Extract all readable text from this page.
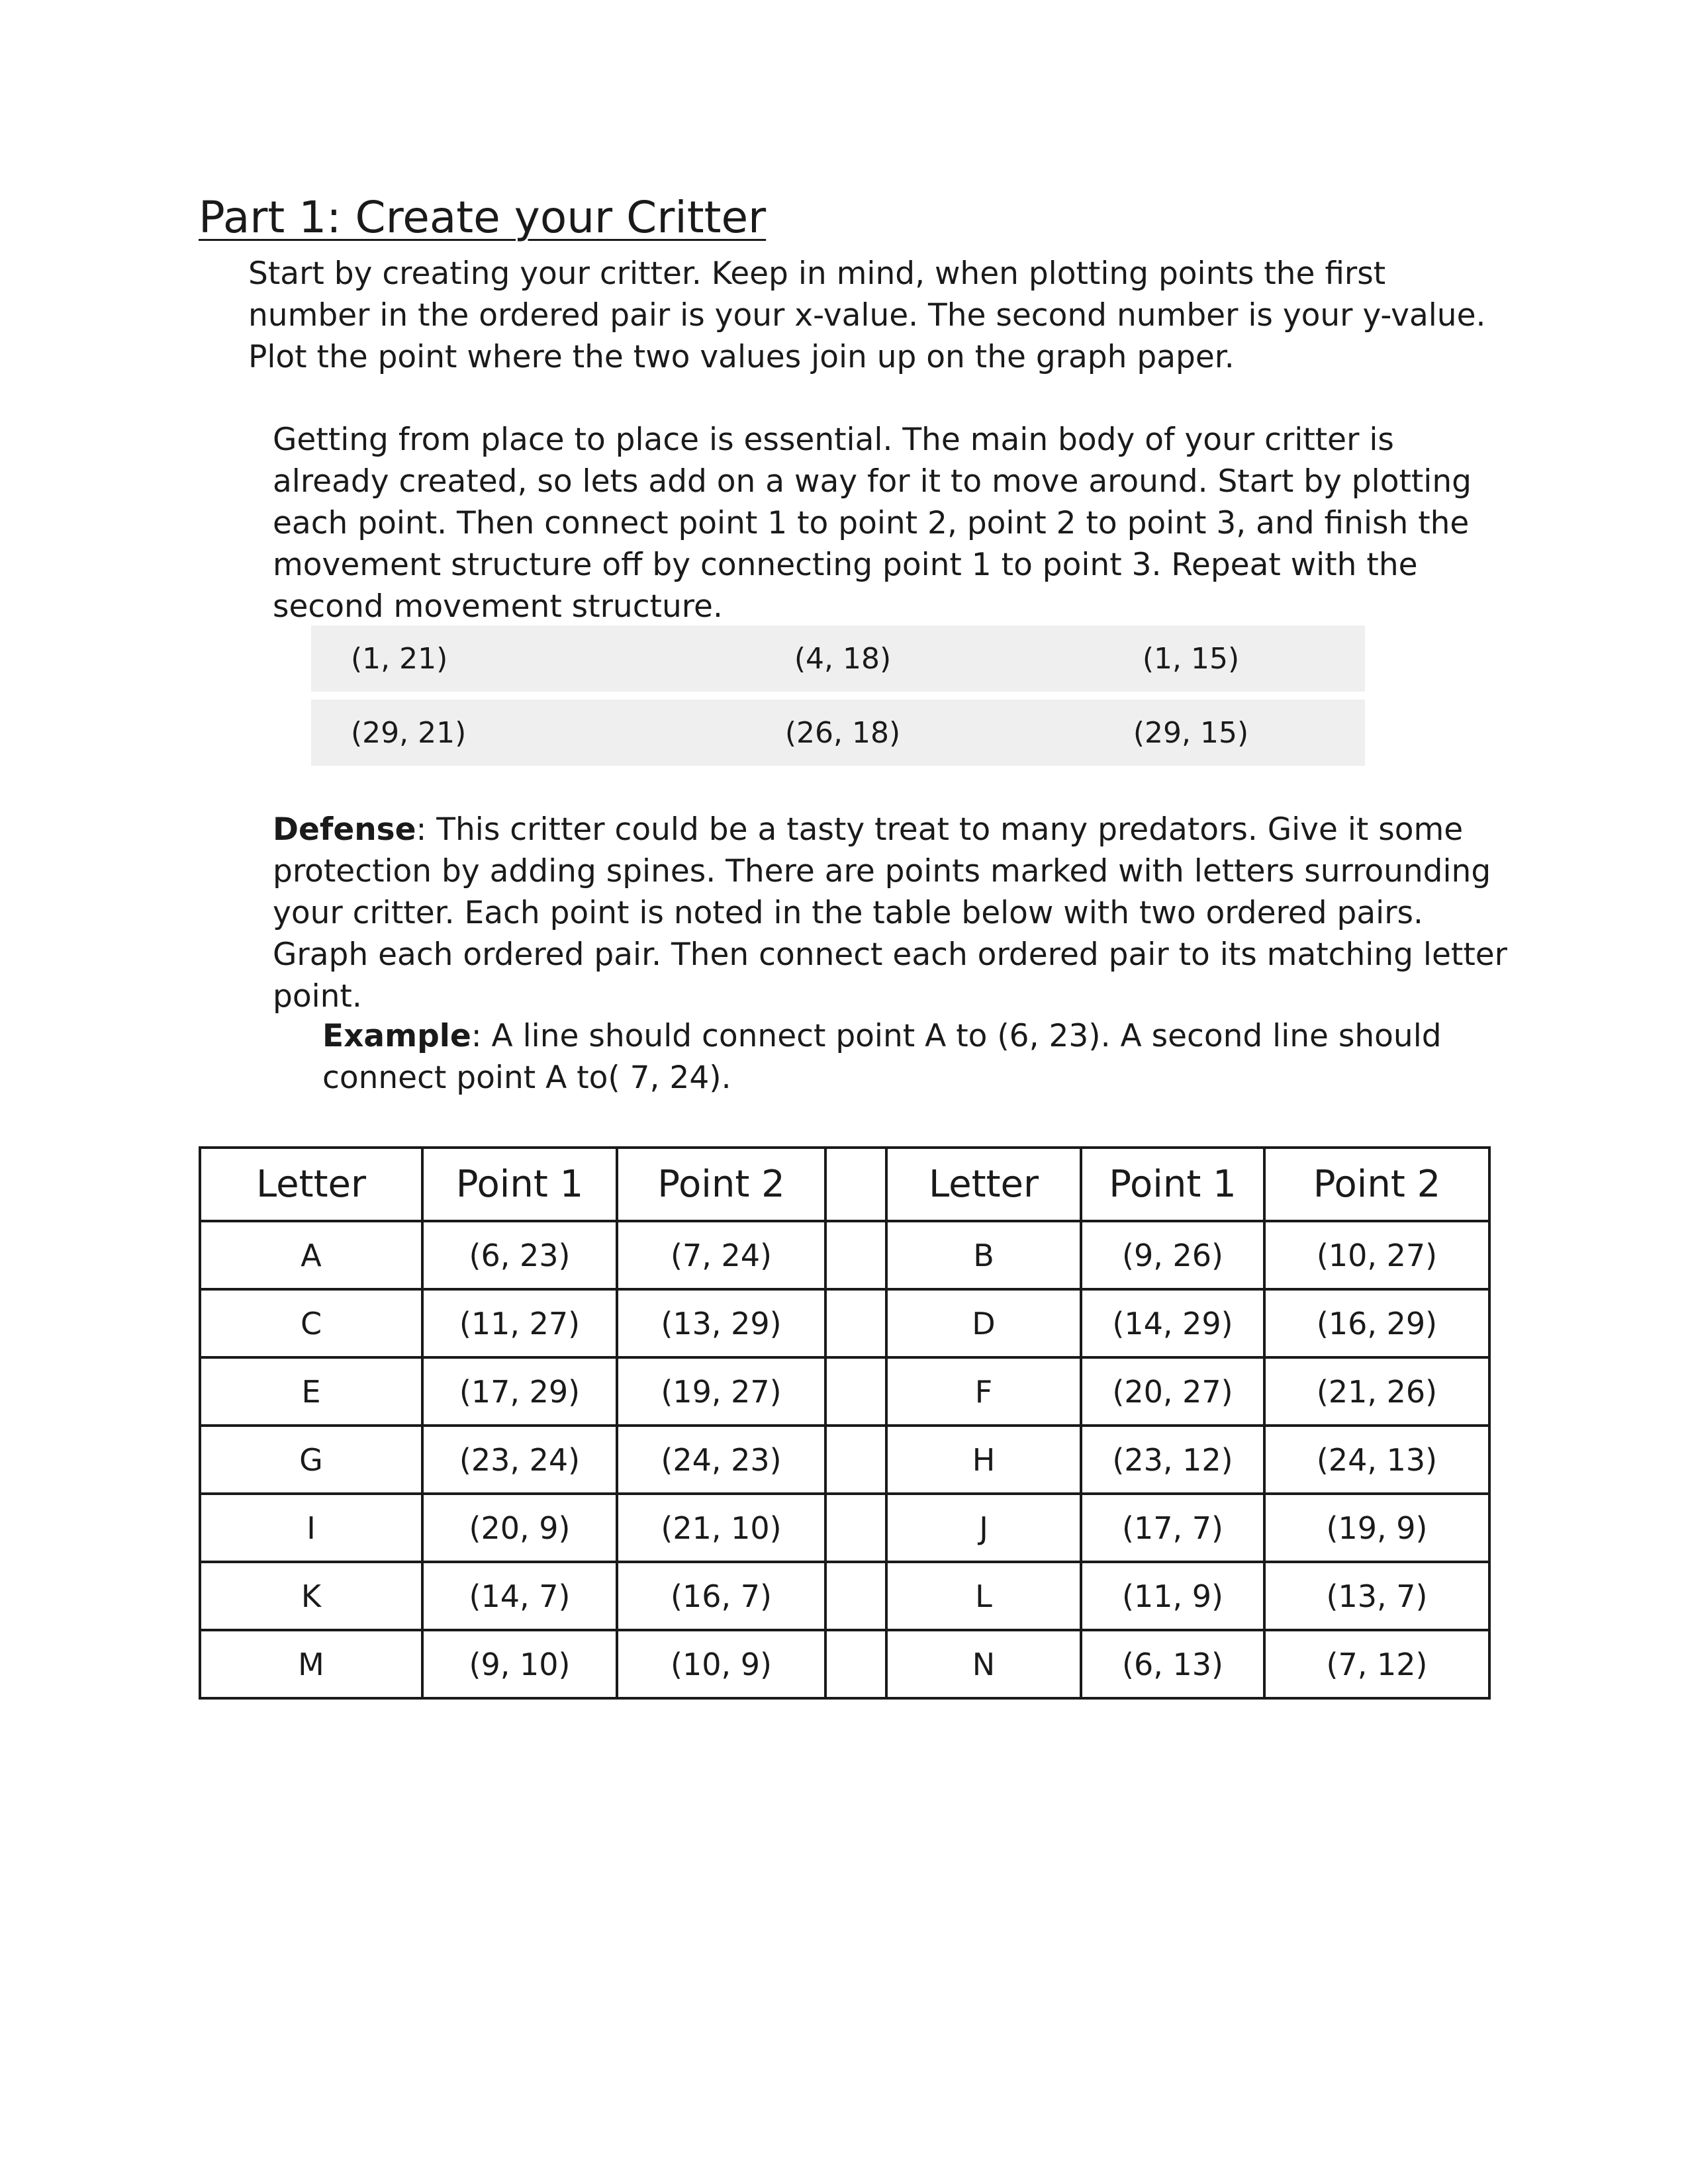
Part 1: Create your Critter

Start by creating your critter. Keep in mind, when plotting points the first number in the ordered pair is your x-value. The second number is your y-value. Plot the point where the two values join up on the graph paper.

Getting from place to place is essential. The main body of your critter is already created, so lets add on a way for it to move around. Start by plotting each point. Then connect point 1 to point 2, point 2 to point 3, and finish the movement structure off by connecting point 1 to point 3. Repeat with the second movement structure.

(1, 21)	(4, 18)	(1, 15)
(29, 21)	(26, 18)	(29, 15)

Defense: This critter could be a tasty treat to many predators. Give it some protection by adding spines. There are points marked with letters surrounding your critter. Each point is noted in the table below with two ordered pairs. Graph each ordered pair. Then connect each ordered pair to its matching letter point.

Example: A line should connect point A to (6, 23). A second line should connect point A to( 7, 24).

Letter	Point 1	Point 2		Letter	Point 1	Point 2
A	(6, 23)	(7, 24)		B	(9, 26)	(10, 27)
C	(11, 27)	(13, 29)		D	(14, 29)	(16, 29)
E	(17, 29)	(19, 27)		F	(20, 27)	(21, 26)
G	(23, 24)	(24, 23)		H	(23, 12)	(24, 13)
I	(20, 9)	(21, 10)		J	(17, 7)	(19, 9)
K	(14, 7)	(16, 7)		L	(11, 9)	(13, 7)
M	(9, 10)	(10, 9)		N	(6, 13)	(7, 12)
